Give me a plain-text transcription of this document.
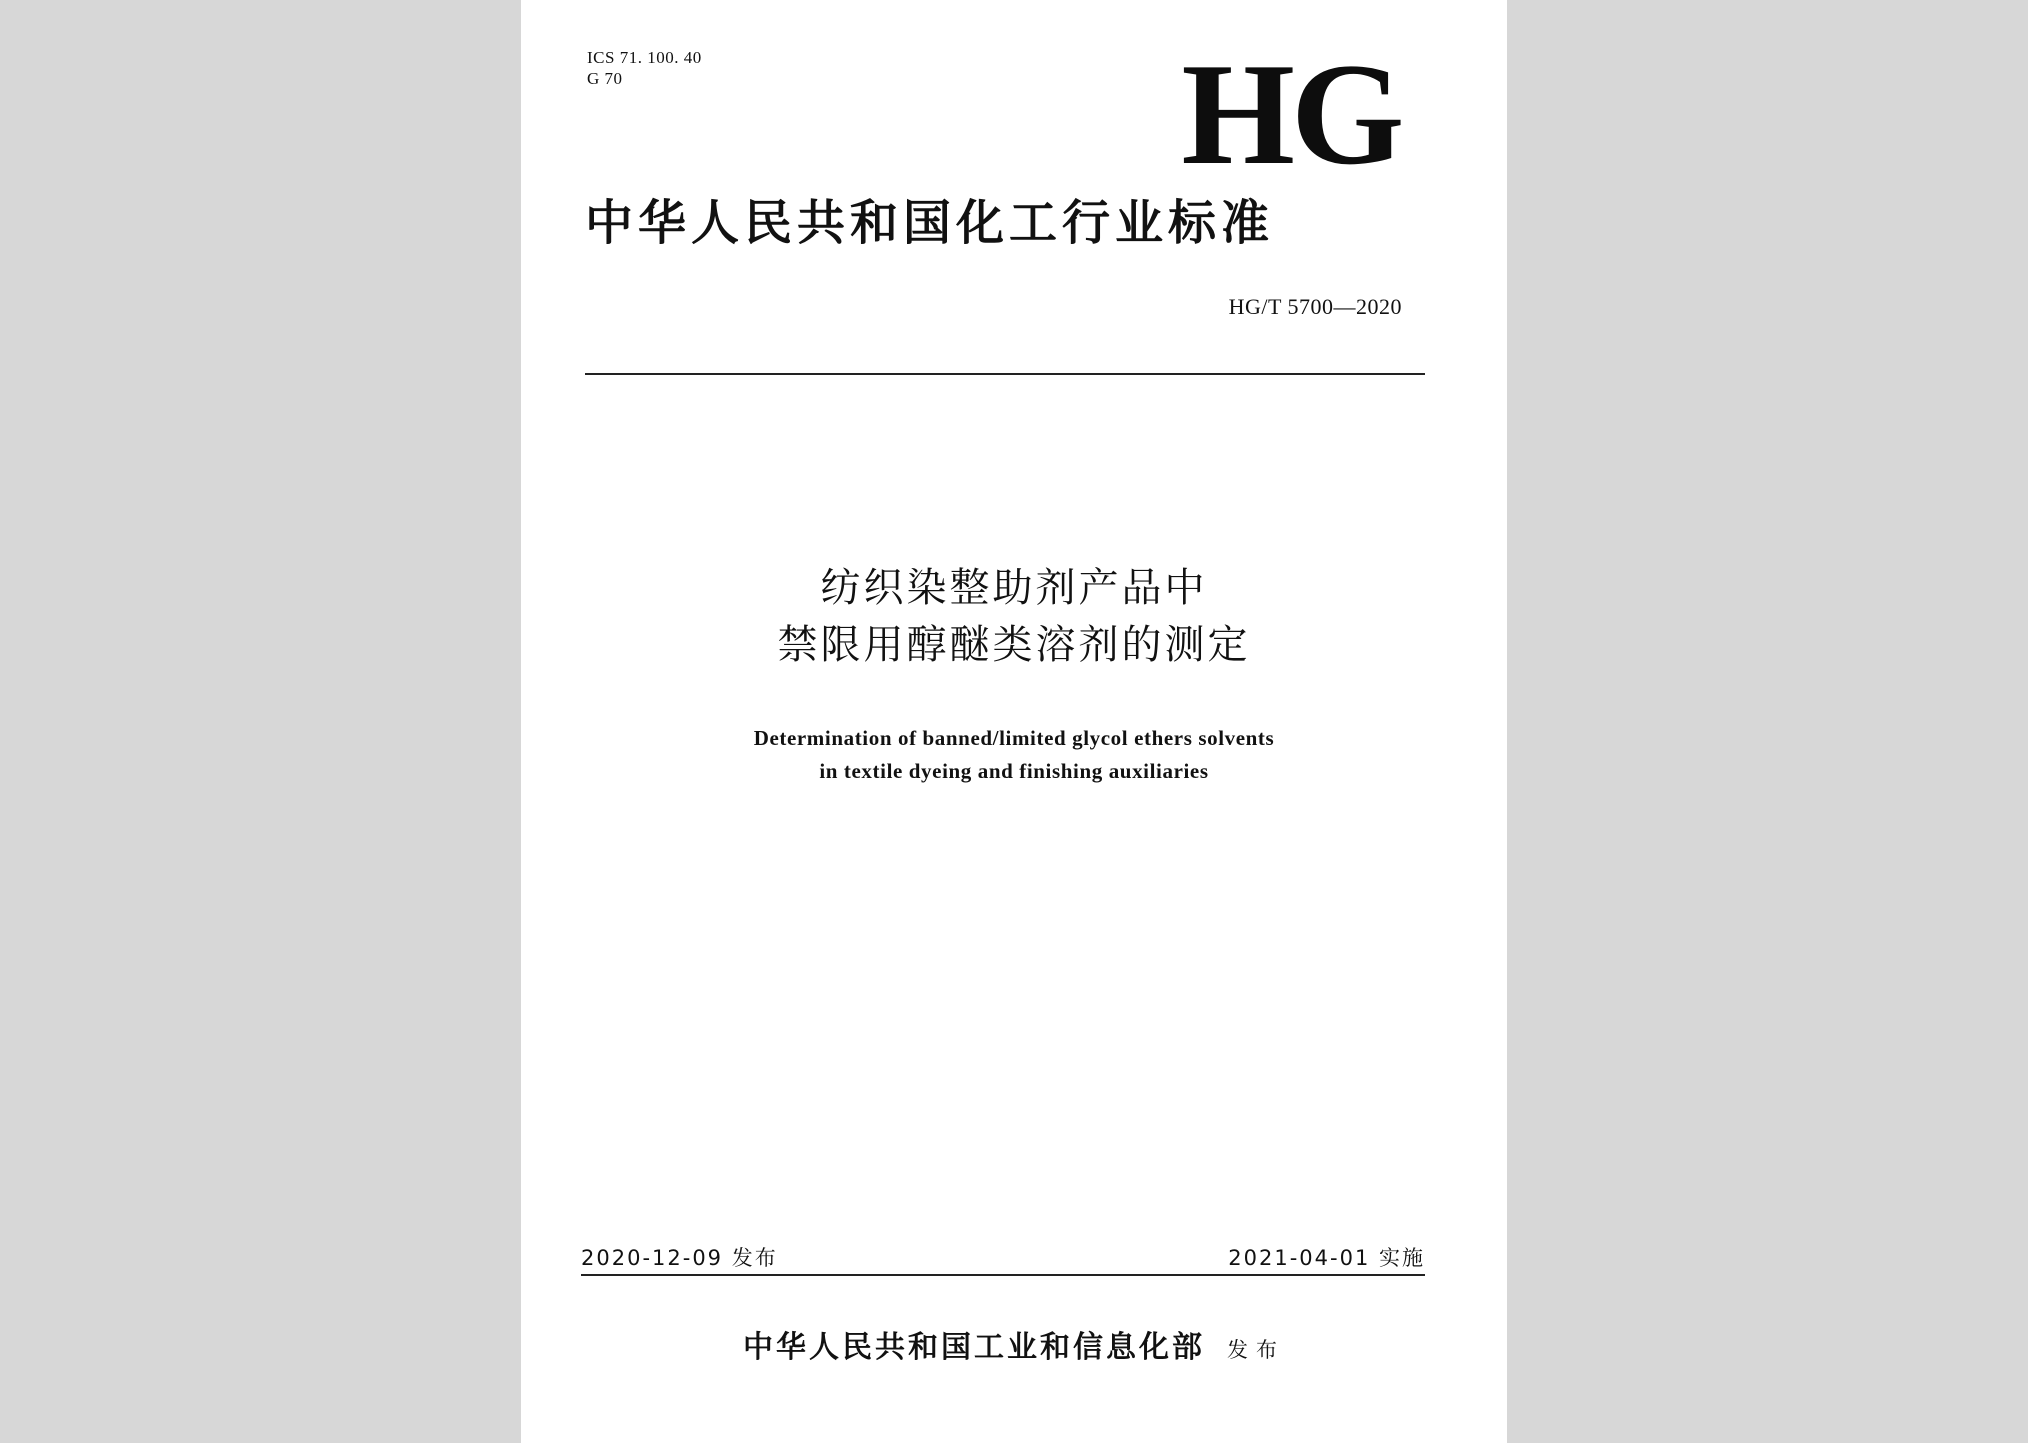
ICS 71. 100. 40
G 70	HG
中华人民共和国化工行业标准
HG/T 5700—2020
纺织染整助剂产品中
禁限用醇醚类溶剂的测定
Determination of banned/limited glycol ethers solvents
in textile dyeing and finishing auxiliaries
2020-12-09 发布	2021-04-01 实施
中华人民共和国工业和信息化部 发布
